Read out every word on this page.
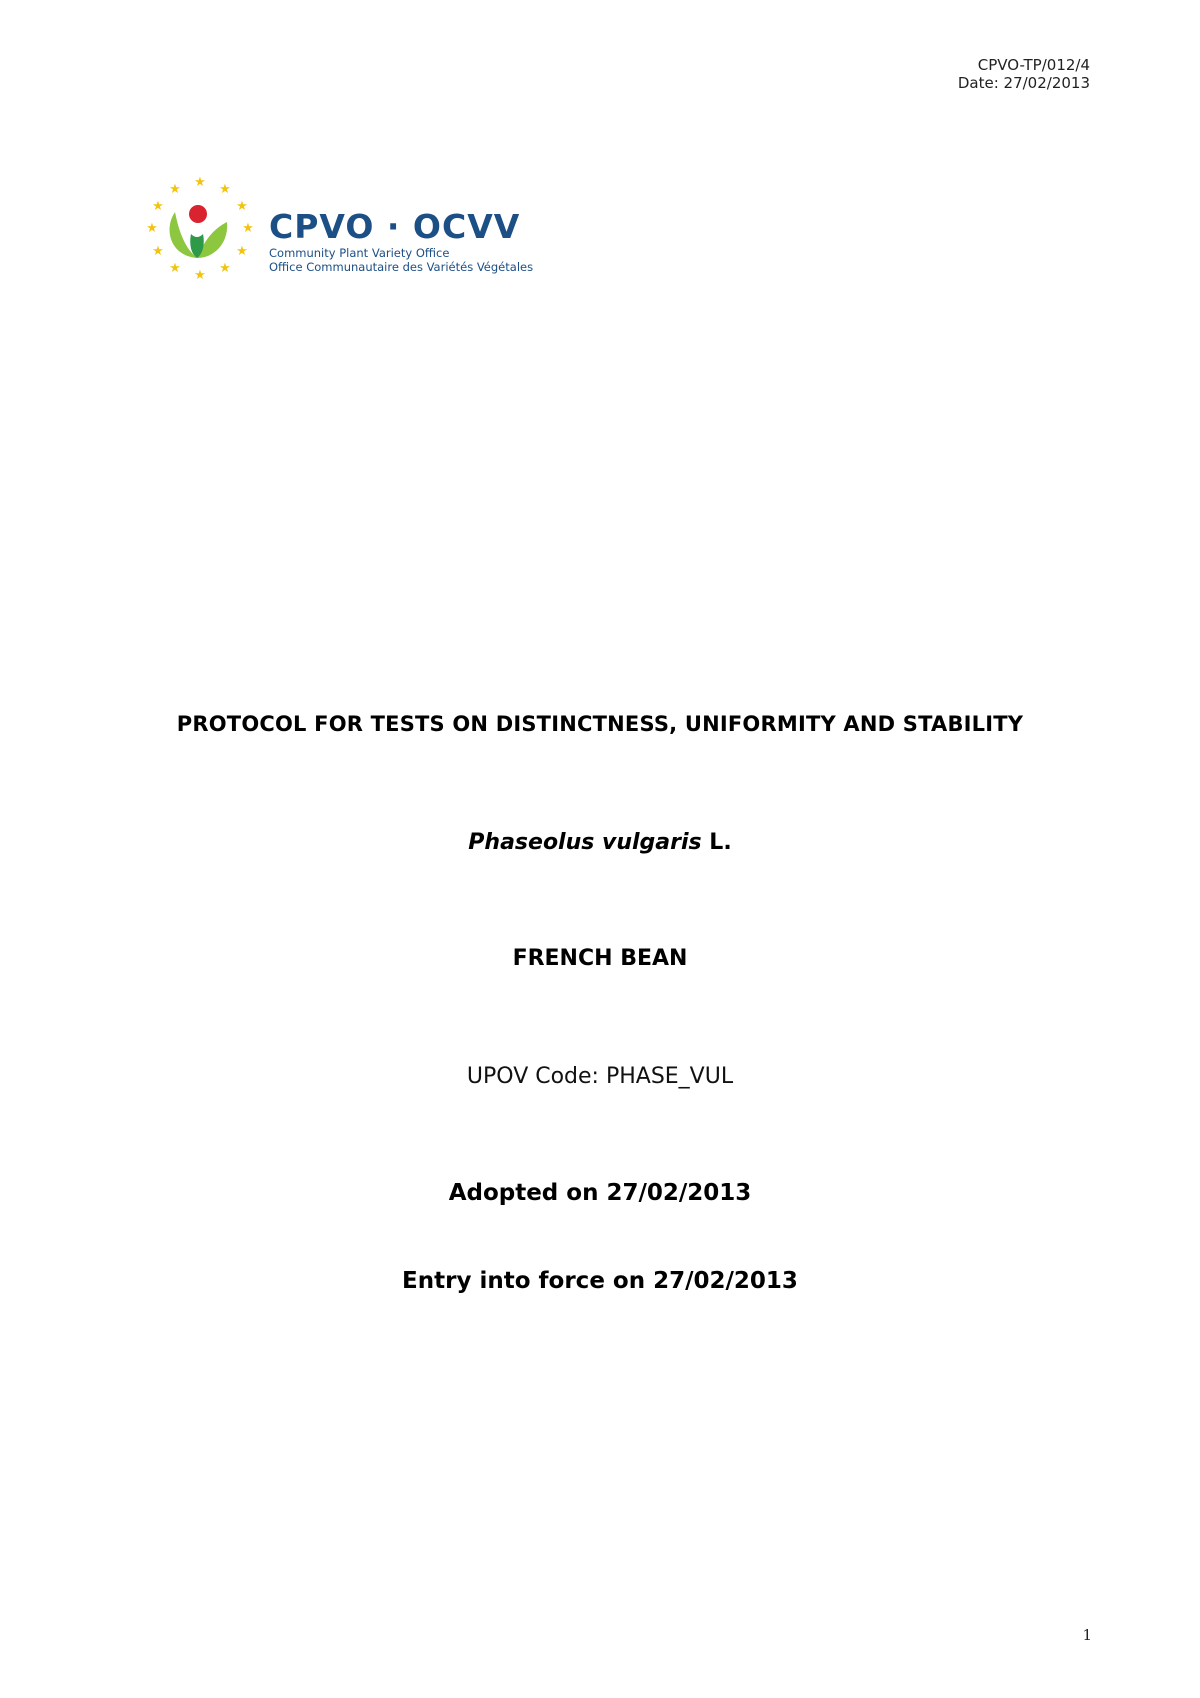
CPVO-TP/012/4
Date: 27/02/2013
★ ★
★
★
★
★
★
★
★
★
★
★
CPVO · OCVV
Community Plant Variety Office
Office Communautaire des Variétés Végétales
PROTOCOL FOR TESTS ON DISTINCTNESS, UNIFORMITY AND STABILITY
Phaseolus vulgaris L.
FRENCH BEAN
UPOV Code: PHASE_VUL
Adopted on 27/02/2013
Entry into force on 27/02/2013
1
